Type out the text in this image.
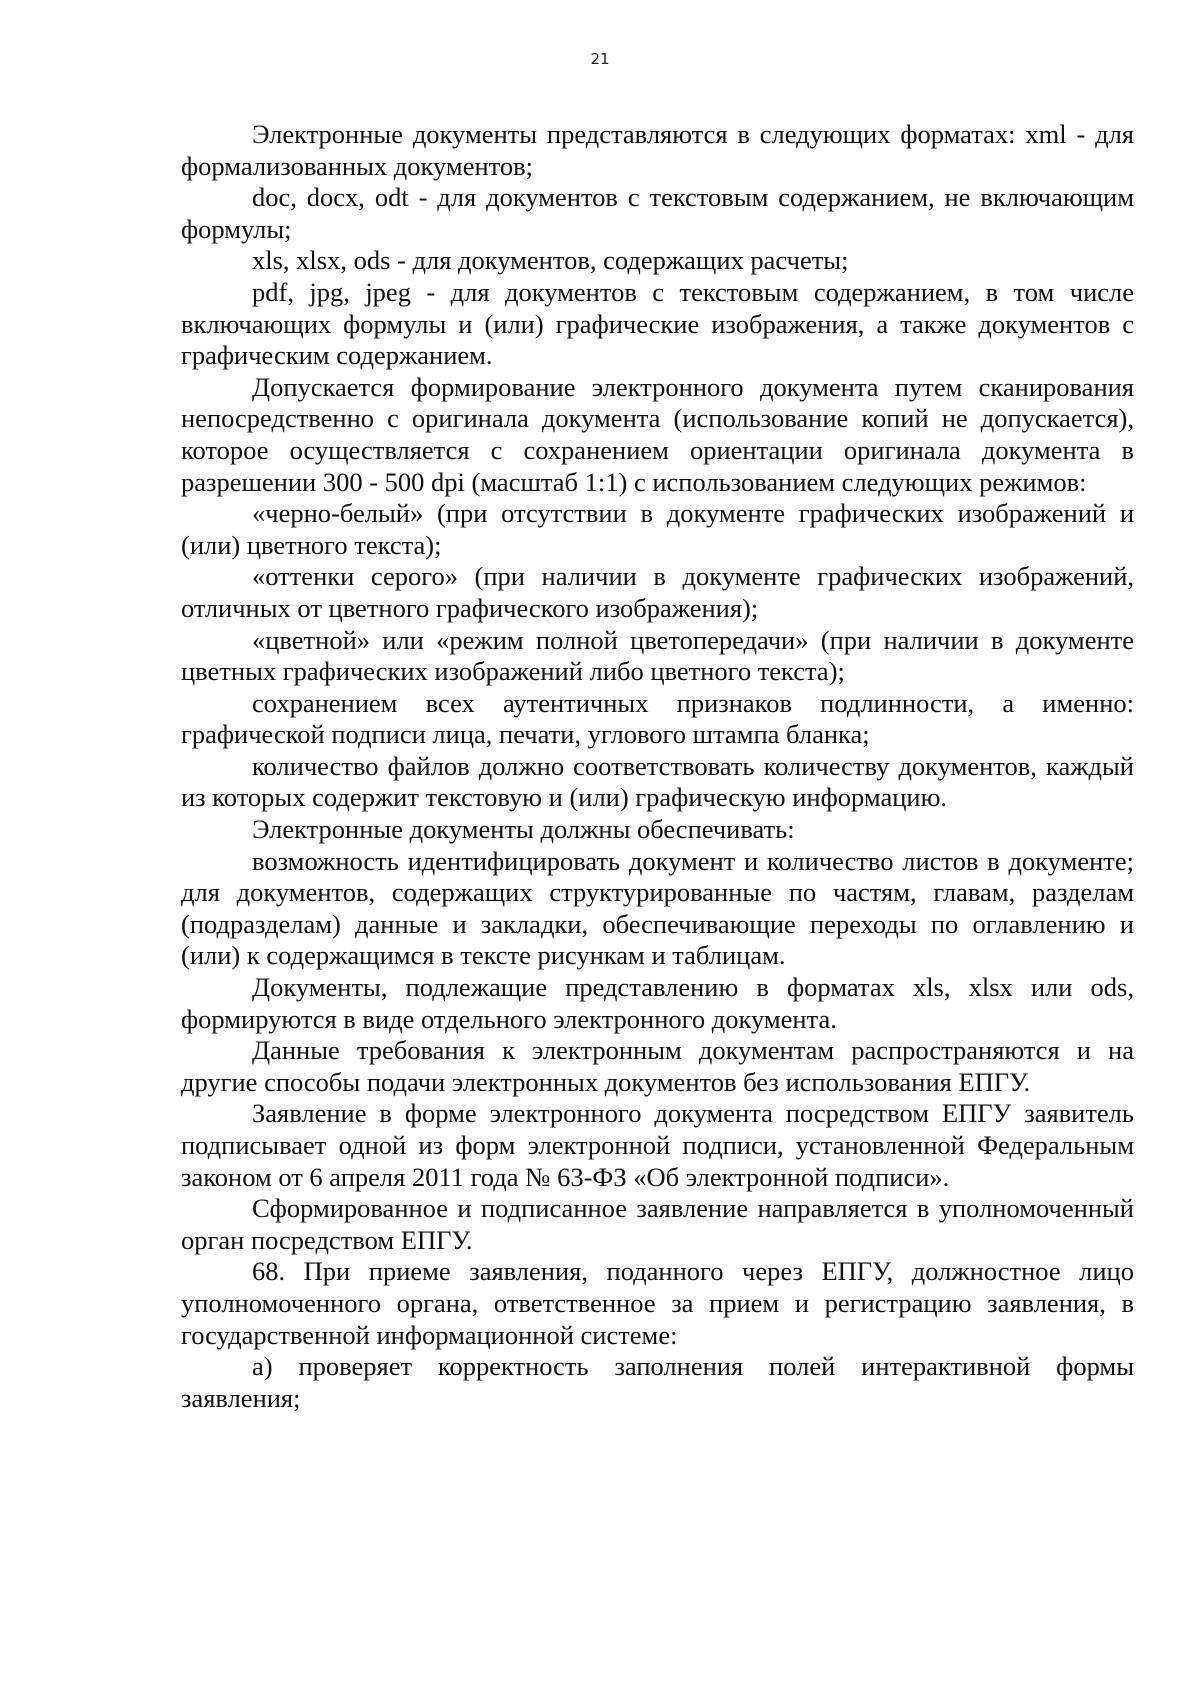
21

Электронные документы представляются в следующих форматах: xml - для формализованных документов;

doc, docx, odt - для документов с текстовым содержанием, не включающим формулы;

xls, xlsx, ods - для документов, содержащих расчеты;

pdf, jpg, jpeg - для документов с текстовым содержанием, в том числе включающих формулы и (или) графические изображения, а также документов с графическим содержанием.

Допускается формирование электронного документа путем сканирования непосредственно с оригинала документа (использование копий не допускается), которое осуществляется с сохранением ориентации оригинала документа в разрешении 300 - 500 dpi (масштаб 1:1) с использованием следующих режимов:

«черно-белый» (при отсутствии в документе графических изображений и (или) цветного текста);

«оттенки серого» (при наличии в документе графических изображений, отличных от цветного графического изображения);

«цветной» или «режим полной цветопередачи» (при наличии в документе цветных графических изображений либо цветного текста);

сохранением всех аутентичных признаков подлинности, а именно: графической подписи лица, печати, углового штампа бланка;

количество файлов должно соответствовать количеству документов, каждый из которых содержит текстовую и (или) графическую информацию.

Электронные документы должны обеспечивать:

возможность идентифицировать документ и количество листов в документе; для документов, содержащих структурированные по частям, главам, разделам (подразделам) данные и закладки, обеспечивающие переходы по оглавлению и (или) к содержащимся в тексте рисункам и таблицам.

Документы, подлежащие представлению в форматах xls, xlsx или ods, формируются в виде отдельного электронного документа.

Данные требования к электронным документам распространяются и на другие способы подачи электронных документов без использования ЕПГУ.

Заявление в форме электронного документа посредством ЕПГУ заявитель подписывает одной из форм электронной подписи, установленной Федеральным законом от 6 апреля 2011 года № 63-ФЗ «Об электронной подписи».

Сформированное и подписанное заявление направляется в уполномоченный орган посредством ЕПГУ.

68. При приеме заявления, поданного через ЕПГУ, должностное лицо уполномоченного органа, ответственное за прием и регистрацию заявления, в государственной информационной системе:

а) проверяет корректность заполнения полей интерактивной формы заявления;
